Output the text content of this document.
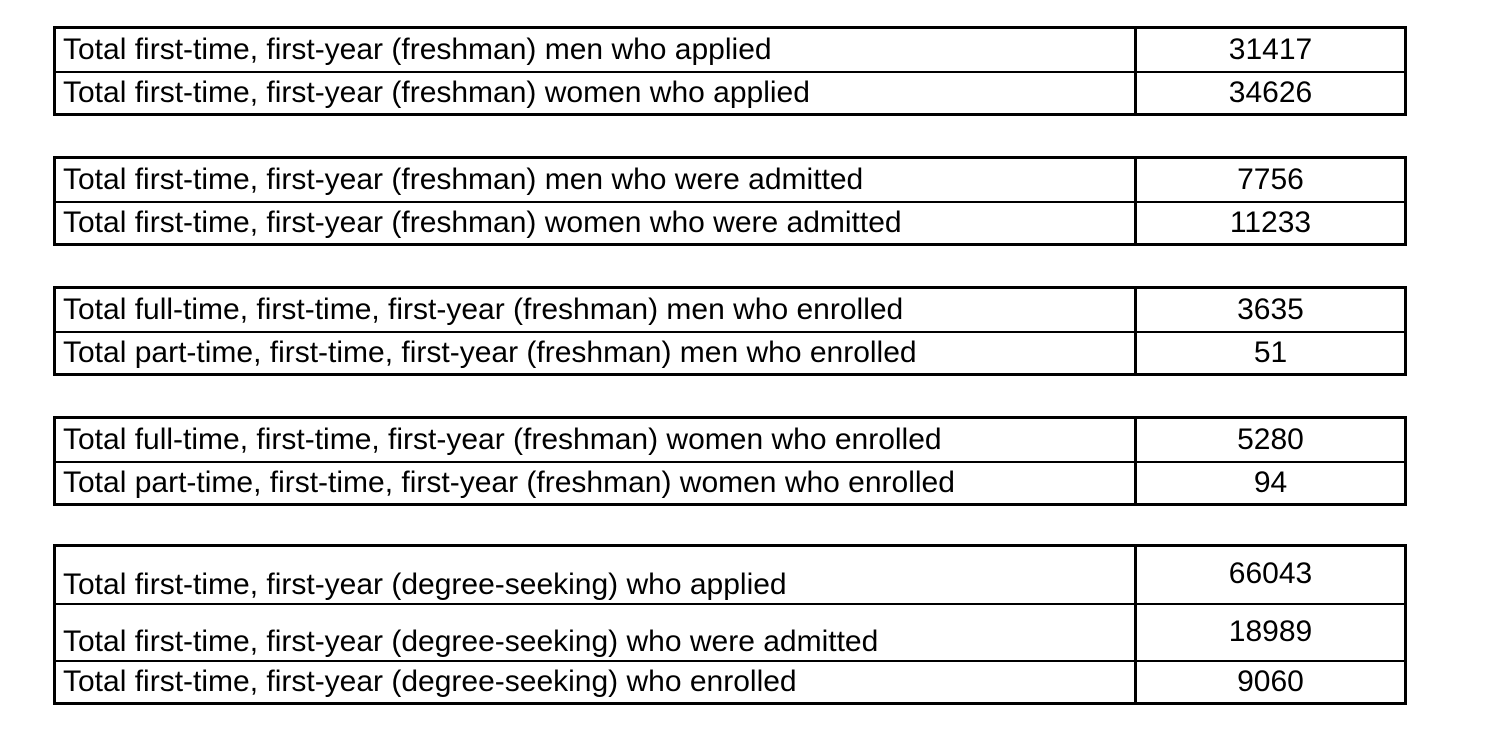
Total first-time, first-year (freshman) men who applied	31417
Total first-time, first-year (freshman) women who applied	34626
Total first-time, first-year (freshman) men who were admitted	7756
Total first-time, first-year (freshman) women who were admitted	11233
Total full-time, first-time, first-year (freshman) men who enrolled	3635
Total part-time, first-time, first-year (freshman) men who enrolled	51
Total full-time, first-time, first-year (freshman) women who enrolled	5280
Total part-time, first-time, first-year (freshman) women who enrolled	94
Total first-time, first-year (degree-seeking) who applied	66043
Total first-time, first-year (degree-seeking) who were admitted	18989
Total first-time, first-year (degree-seeking) who enrolled	9060
